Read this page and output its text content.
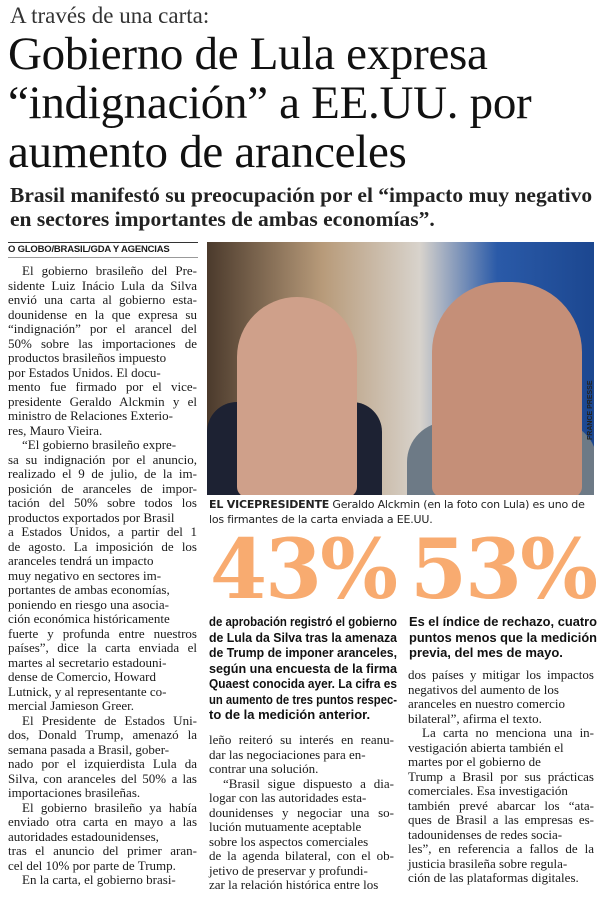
A través de una carta:
Gobierno de Lula expresa
“indignación” a EE.UU. por
aumento de aranceles
Brasil manifestó su preocupación por el “impacto muy negativo
en sectores importantes de ambas economías”.
O GLOBO/BRASIL/GDA Y AGENCIAS
El gobierno brasileño del Pre-
sidente Luiz Inácio Lula da Silva
envió una carta al gobierno esta-
dounidense en la que expresa su
“indignación” por el arancel del
50% sobre las importaciones de
productos brasileños impuesto
por Estados Unidos. El docu-
mento fue firmado por el vice-
presidente Geraldo Alckmin y el
ministro de Relaciones Exterio-
res, Mauro Vieira.
“El gobierno brasileño expre-
sa su indignación por el anuncio,
realizado el 9 de julio, de la im-
posición de aranceles de impor-
tación del 50% sobre todos los
productos exportados por Brasil
a Estados Unidos, a partir del 1
de agosto. La imposición de los
aranceles tendrá un impacto
muy negativo en sectores im-
portantes de ambas economías,
poniendo en riesgo una asocia-
ción económica históricamente
fuerte y profunda entre nuestros
países”, dice la carta enviada el
martes al secretario estadouni-
dense de Comercio, Howard
Lutnick, y al representante co-
mercial Jamieson Greer.
El Presidente de Estados Uni-
dos, Donald Trump, amenazó la
semana pasada a Brasil, gober-
nado por el izquierdista Lula da
Silva, con aranceles del 50% a las
importaciones brasileñas.
El gobierno brasileño ya había
enviado otra carta en mayo a las
autoridades estadounidenses,
tras el anuncio del primer aran-
cel del 10% por parte de Trump.
En la carta, el gobierno brasi-
leño reiteró su interés en reanu-
dar las negociaciones para en-
contrar una solución.
“Brasil sigue dispuesto a dia-
logar con las autoridades esta-
dounidenses y negociar una so-
lución mutuamente aceptable
sobre los aspectos comerciales
de la agenda bilateral, con el ob-
jetivo de preservar y profundi-
zar la relación histórica entre los
dos países y mitigar los impactos
negativos del aumento de los
aranceles en nuestro comercio
bilateral”, afirma el texto.
La carta no menciona una in-
vestigación abierta también el
martes por el gobierno de
Trump a Brasil por sus prácticas
comerciales. Esa investigación
también prevé abarcar los “ata-
ques de Brasil a las empresas es-
tadounidenses de redes socia-
les”, en referencia a fallos de la
justicia brasileña sobre regula-
ción de las plataformas digitales.
FRANCE PRESSE
EL VICEPRESIDENTE Geraldo Alckmin (en la foto con Lula) es uno de los firmantes de la carta enviada a EE.UU.
43% 53%
de aprobación registró el gobierno
de Lula da Silva tras la amenaza
de Trump de imponer aranceles,
según una encuesta de la firma
Quaest conocida ayer. La cifra es
un aumento de tres puntos respec-
to de la medición anterior.
Es el índice de rechazo, cuatro
puntos menos que la medición
previa, del mes de mayo.
